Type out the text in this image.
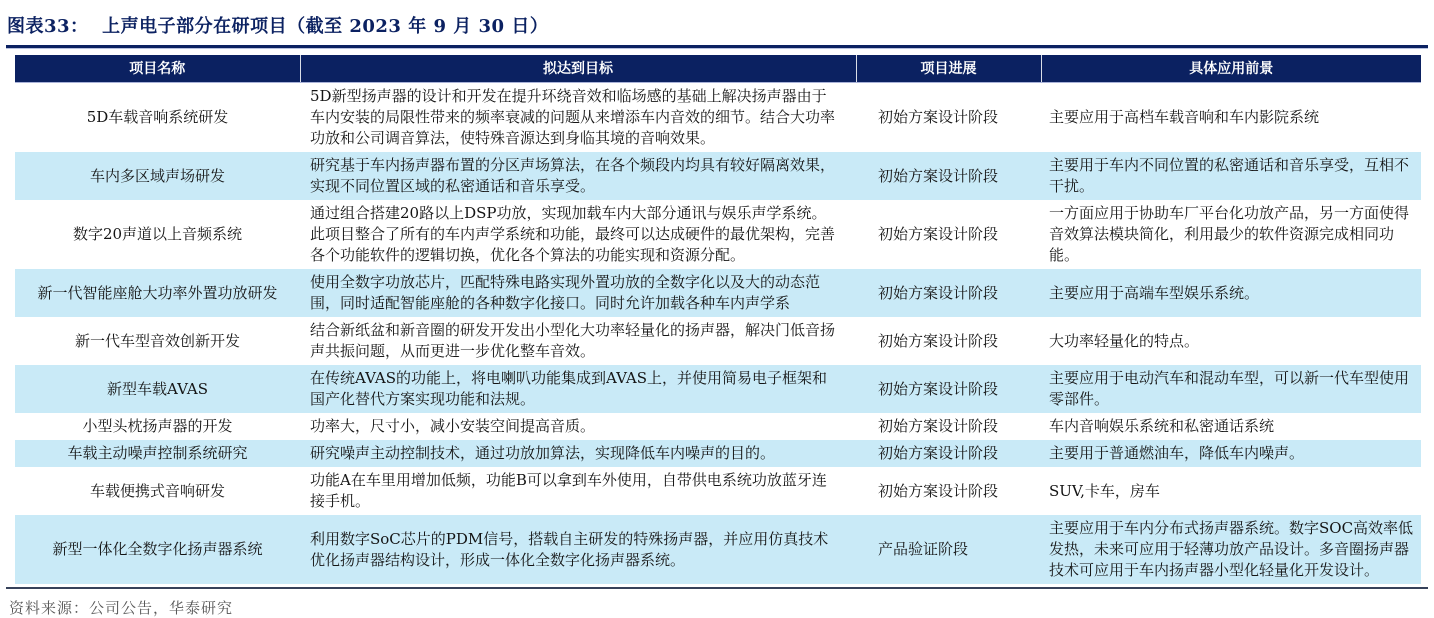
图表33：  上声电子部分在研项目（截至 2023 年 9 月 30 日）
项目名称	拟达到目标	项目进展	具体应用前景
5D车载音响系统研发	5D新型扬声器的设计和开发在提升环绕音效和临场感的基础上解决扬声器由于车内安装的局限性带来的频率衰减的问题从来增添车内音效的细节。结合大功率功放和公司调音算法，使特殊音源达到身临其境的音响效果。	初始方案设计阶段	主要应用于高档车载音响和车内影院系统
车内多区域声场研发	研究基于车内扬声器布置的分区声场算法，在各个频段内均具有较好隔离效果，实现不同位置区域的私密通话和音乐享受。	初始方案设计阶段	主要用于车内不同位置的私密通话和音乐享受，互相不干扰。
数字20声道以上音频系统	通过组合搭建20路以上DSP功放，实现加载车内大部分通讯与娱乐声学系统。此项目整合了所有的车内声学系统和功能，最终可以达成硬件的最优架构，完善各个功能软件的逻辑切换，优化各个算法的功能实现和资源分配。	初始方案设计阶段	一方面应用于协助车厂平台化功放产品，另一方面使得音效算法模块简化，利用最少的软件资源完成相同功能。
新一代智能座舱大功率外置功放研发	使用全数字功放芯片，匹配特殊电路实现外置功放的全数字化以及大的动态范围，同时适配智能座舱的各种数字化接口。同时允许加载各种车内声学系	初始方案设计阶段	主要应用于高端车型娱乐系统。
新一代车型音效创新开发	结合新纸盆和新音圈的研发开发出小型化大功率轻量化的扬声器，解决门低音扬声共振问题，从而更进一步优化整车音效。	初始方案设计阶段	大功率轻量化的特点。
新型车载AVAS	在传统AVAS的功能上，将电喇叭功能集成到AVAS上，并使用简易电子框架和国产化替代方案实现功能和法规。	初始方案设计阶段	主要应用于电动汽车和混动车型，可以新一代车型使用零部件。
小型头枕扬声器的开发	功率大，尺寸小，减小安装空间提高音质。	初始方案设计阶段	车内音响娱乐系统和私密通话系统
车载主动噪声控制系统研究	研究噪声主动控制技术，通过功放加算法，实现降低车内噪声的目的。	初始方案设计阶段	主要用于普通燃油车，降低车内噪声。
车载便携式音响研发	功能A在车里用增加低频，功能B可以拿到车外使用，自带供电系统功放蓝牙连接手机。	初始方案设计阶段	SUV,卡车，房车
新型一体化全数字化扬声器系统	利用数字SoC芯片的PDM信号，搭载自主研发的特殊扬声器，并应用仿真技术优化扬声器结构设计，形成一体化全数字化扬声器系统。	产品验证阶段	主要应用于车内分布式扬声器系统。数字SOC高效率低发热，未来可应用于轻薄功放产品设计。多音圈扬声器技术可应用于车内扬声器小型化轻量化开发设计。
资料来源：公司公告，华泰研究
